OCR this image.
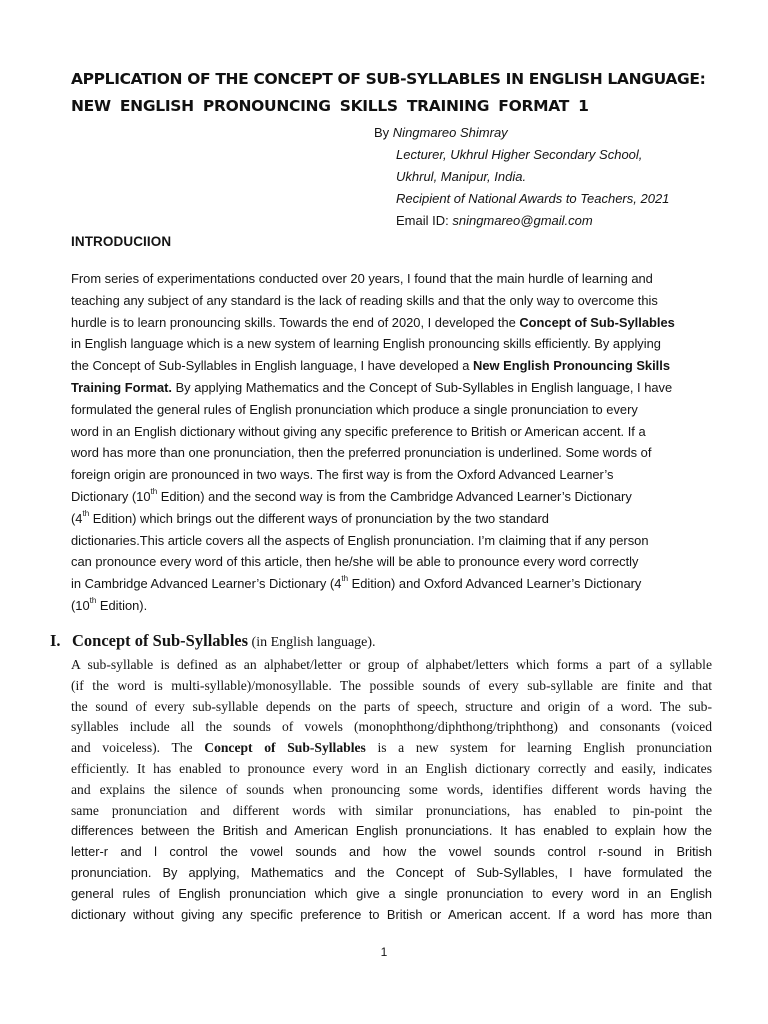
APPLICATION OF THE CONCEPT OF SUB-SYLLABLES IN ENGLISH LANGUAGE:
NEW ENGLISH PRONOUNCING SKILLS TRAINING FORMAT 1
By Ningmareo Shimray
Lecturer, Ukhrul Higher Secondary School,
Ukhrul, Manipur, India.
Recipient of National Awards to Teachers, 2021
Email ID: sningmareo@gmail.com
INTRODUCIION
From series of experimentations conducted over 20 years, I found that the main hurdle of learning and
teaching any subject of any standard is the lack of reading skills and that the only way to overcome this
hurdle is to learn pronouncing skills. Towards the end of 2020, I developed the Concept of Sub-Syllables
in English language which is a new system of learning English pronouncing skills efficiently. By applying
the Concept of Sub-Syllables in English language, I have developed a New English Pronouncing Skills
Training Format. By applying Mathematics and the Concept of Sub-Syllables in English language, I have
formulated the general rules of English pronunciation which produce a single pronunciation to every
word in an English dictionary without giving any specific preference to British or American accent. If a
word has more than one pronunciation, then the preferred pronunciation is underlined. Some words of
foreign origin are pronounced in two ways. The first way is from the Oxford Advanced Learner’s
Dictionary (10th Edition) and the second way is from the Cambridge Advanced Learner’s Dictionary
(4th Edition) which brings out the different ways of pronunciation by the two standard
dictionaries.This article covers all the aspects of English pronunciation. I’m claiming that if any person
can pronounce every word of this article, then he/she will be able to pronounce every word correctly
in Cambridge Advanced Learner’s Dictionary (4th Edition) and Oxford Advanced Learner’s Dictionary
(10th Edition).
I. Concept of Sub-Syllables (in English language).
A sub-syllable is defined as an alphabet/letter or group of alphabet/letters which forms a part of a syllable
(if the word is multi-syllable)/monosyllable. The possible sounds of every sub-syllable are finite and that
the sound of every sub-syllable depends on the parts of speech, structure and origin of a word. The sub-
syllables include all the sounds of vowels (monophthong/diphthong/triphthong) and consonants (voiced
and voiceless). The Concept of Sub-Syllables is a new system for learning English pronunciation
efficiently. It has enabled to pronounce every word in an English dictionary correctly and easily, indicates
and explains the silence of sounds when pronouncing some words, identifies different words having the
same pronunciation and different words with similar pronunciations, has enabled to pin-point the
differences between the British and American English pronunciations. It has enabled to explain how the
letter-r and l control the vowel sounds and how the vowel sounds control r-sound in British
pronunciation. By applying, Mathematics and the Concept of Sub-Syllables, I have formulated the
general rules of English pronunciation which give a single pronunciation to every word in an English
dictionary without giving any specific preference to British or American accent. If a word has more than
1
